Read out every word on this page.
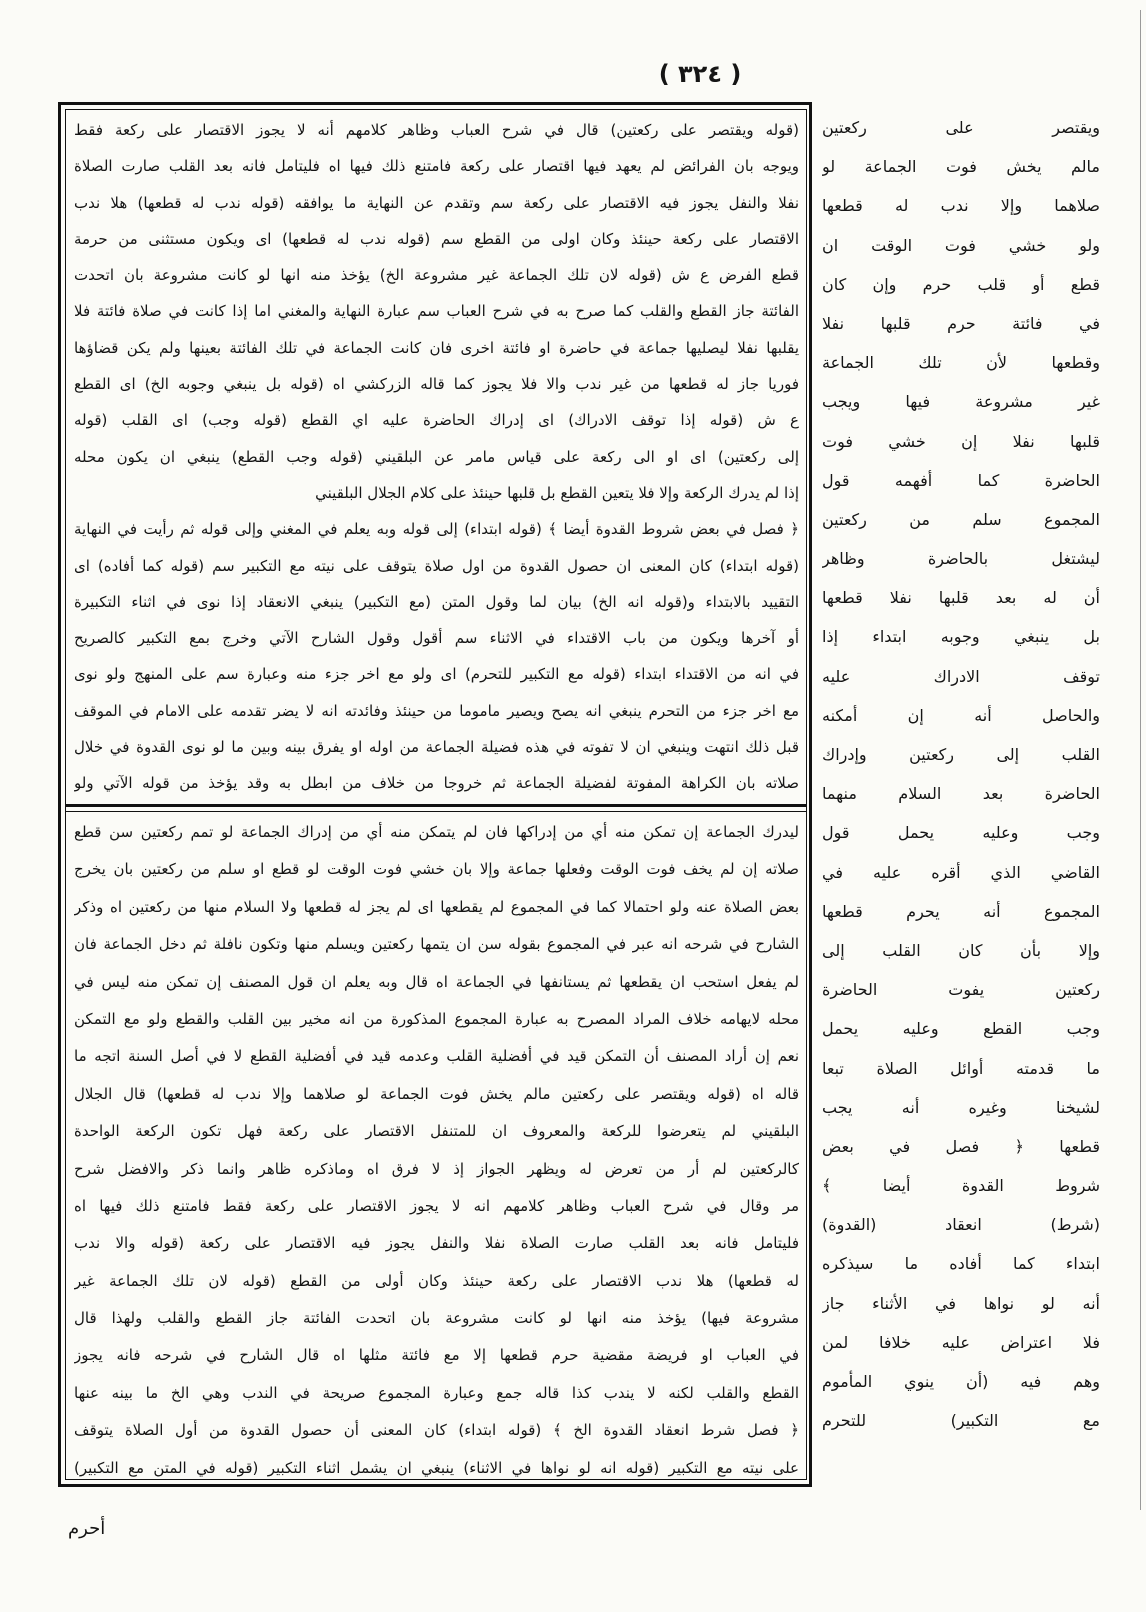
( ٣٢٤ )
(قوله ويقتصر على ركعتين) قال في شرح العباب وظاهر كلامهم أنه لا يجوز الاقتصار على ركعة فقط
ويوجه بان الفرائض لم يعهد فيها اقتصار على ركعة فامتنع ذلك فيها اه فليتامل فانه بعد القلب صارت الصلاة
نفلا والنفل يجوز فيه الاقتصار على ركعة سم وتقدم عن النهاية ما يوافقه (قوله ندب له قطعها) هلا ندب
الاقتصار على ركعة حينئذ وكان اولى من القطع سم (قوله ندب له قطعها) اى ويكون مستثنى من حرمة
قطع الفرض ع ش (قوله لان تلك الجماعة غير مشروعة الخ) يؤخذ منه انها لو كانت مشروعة بان اتحدت
الفائتة جاز القطع والقلب كما صرح به في شرح العباب سم عبارة النهاية والمغني اما إذا كانت في صلاة فائتة فلا
يقلبها نفلا ليصليها جماعة في حاضرة او فائتة اخرى فان كانت الجماعة في تلك الفائتة بعينها ولم يكن قضاؤها
فوريا جاز له قطعها من غير ندب والا فلا يجوز كما قاله الزركشي اه (قوله بل ينبغي وجوبه الخ) اى القطع
ع ش (قوله إذا توقف الادراك) اى إدراك الحاضرة عليه اي القطع (قوله وجب) اى القلب (قوله
إلى ركعتين) اى او الى ركعة على قياس مامر عن البلقيني (قوله وجب القطع) ينبغي ان يكون محله
إذا لم يدرك الركعة وإلا فلا يتعين القطع بل قلبها حينئذ على كلام الجلال البلقيني
﴿ فصل في بعض شروط القدوة أيضا ﴾ (قوله ابتداء) إلى قوله وبه يعلم في المغني وإلى قوله ثم رأيت في النهاية
(قوله ابتداء) كان المعنى ان حصول القدوة من اول صلاة يتوقف على نيته مع التكبير سم (قوله كما أفاده) اى
التقييد بالابتداء و(قوله انه الخ) بيان لما وقول المتن (مع التكبير) ينبغي الانعقاد إذا نوى في اثناء التكبيرة
أو آخرها ويكون من باب الاقتداء في الاثناء سم أقول وقول الشارح الآتي وخرج بمع التكبير كالصريح
في انه من الاقتداء ابتداء (قوله مع التكبير للتحرم) اى ولو مع اخر جزء منه وعبارة سم على المنهج ولو نوى
مع اخر جزء من التحرم ينبغي انه يصح ويصير ماموما من حينئذ وفائدته انه لا يضر تقدمه على الامام في الموقف
قبل ذلك انتهت وينبغي ان لا تفوته في هذه فضيلة الجماعة من اوله او يفرق بينه وبين ما لو نوى القدوة في خلال
صلاته بان الكراهة المفوتة لفضيلة الجماعة ثم خروجا من خلاف من ابطل به وقد يؤخذ من قوله الآتي ولو
ليدرك الجماعة إن تمكن منه أي من إدراكها فان لم يتمكن منه أي من إدراك الجماعة لو تمم ركعتين سن قطع
صلاته إن لم يخف فوت الوقت وفعلها جماعة وإلا بان خشي فوت الوقت لو قطع او سلم من ركعتين بان يخرج
بعض الصلاة عنه ولو احتمالا كما في المجموع لم يقطعها اى لم يجز له قطعها ولا السلام منها من ركعتين اه وذكر
الشارح في شرحه انه عبر في المجموع بقوله سن ان يتمها ركعتين ويسلم منها وتكون نافلة ثم دخل الجماعة فان
لم يفعل استحب ان يقطعها ثم يستانفها في الجماعة اه قال وبه يعلم ان قول المصنف إن تمكن منه ليس في
محله لايهامه خلاف المراد المصرح به عبارة المجموع المذكورة من انه مخير بين القلب والقطع ولو مع التمكن
نعم إن أراد المصنف أن التمكن قيد في أفضلية القلب وعدمه قيد في أفضلية القطع لا في أصل السنة اتجه ما
قاله اه (قوله ويقتصر على ركعتين مالم يخش فوت الجماعة لو صلاهما وإلا ندب له قطعها) قال الجلال
البلقيني لم يتعرضوا للركعة والمعروف ان للمتنفل الاقتصار على ركعة فهل تكون الركعة الواحدة
كالركعتين لم أر من تعرض له ويظهر الجواز إذ لا فرق اه وماذكره ظاهر وانما ذكر والافضل شرح
مر وقال في شرح العباب وظاهر كلامهم انه لا يجوز الاقتصار على ركعة فقط فامتنع ذلك فيها اه
فليتامل فانه بعد القلب صارت الصلاة نفلا والنفل يجوز فيه الاقتصار على ركعة (قوله والا ندب
له قطعها) هلا ندب الاقتصار على ركعة حينئذ وكان أولى من القطع (قوله لان تلك الجماعة غير
مشروعة فيها) يؤخذ منه انها لو كانت مشروعة بان اتحدت الفائتة جاز القطع والقلب ولهذا قال
في العباب او فريضة مقضية حرم قطعها إلا مع فائتة مثلها اه قال الشارح في شرحه فانه يجوز
القطع والقلب لكنه لا يندب كذا قاله جمع وعبارة المجموع صريحة في الندب وهي الخ ما بينه عنها
﴿ فصل شرط انعقاد القدوة الخ ﴾ (قوله ابتداء) كان المعنى أن حصول القدوة من أول الصلاة يتوقف
على نيته مع التكبير (قوله انه لو نواها في الاثناء) ينبغي ان يشمل اثناء التكبير (قوله في المتن مع التكبير)
ويقتصر على ركعتين
مالم يخش فوت الجماعة لو
صلاهما وإلا ندب له قطعها
ولو خشي فوت الوقت ان
قطع أو قلب حرم وإن كان
في فائتة حرم قلبها نفلا
وقطعها لأن تلك الجماعة
غير مشروعة فيها ويجب
قلبها نفلا إن خشي فوت
الحاضرة كما أفهمه قول
المجموع سلم من ركعتين
ليشتغل بالحاضرة وظاهر
أن له بعد قلبها نفلا قطعها
بل ينبغي وجوبه ابتداء إذا
توقف الادراك عليه
والحاصل أنه إن أمكنه
القلب إلى ركعتين وإدراك
الحاضرة بعد السلام منهما
وجب وعليه يحمل قول
القاضي الذي أقره عليه في
المجموع أنه يحرم قطعها
وإلا بأن كان القلب إلى
ركعتين يفوت الحاضرة
وجب القطع وعليه يحمل
ما قدمته أوائل الصلاة تبعا
لشيخنا وغيره أنه يجب
قطعها ﴿ فصل في بعض
شروط القدوة أيضا ﴾
(شرط) انعقاد (القدوة)
ابتداء كما أفاده ما سيذكره
أنه لو نواها في الأثناء جاز
فلا اعتراض عليه خلافا لمن
وهم فيه (أن ينوي المأموم
مع التكبير) للتحرم
أحرم
